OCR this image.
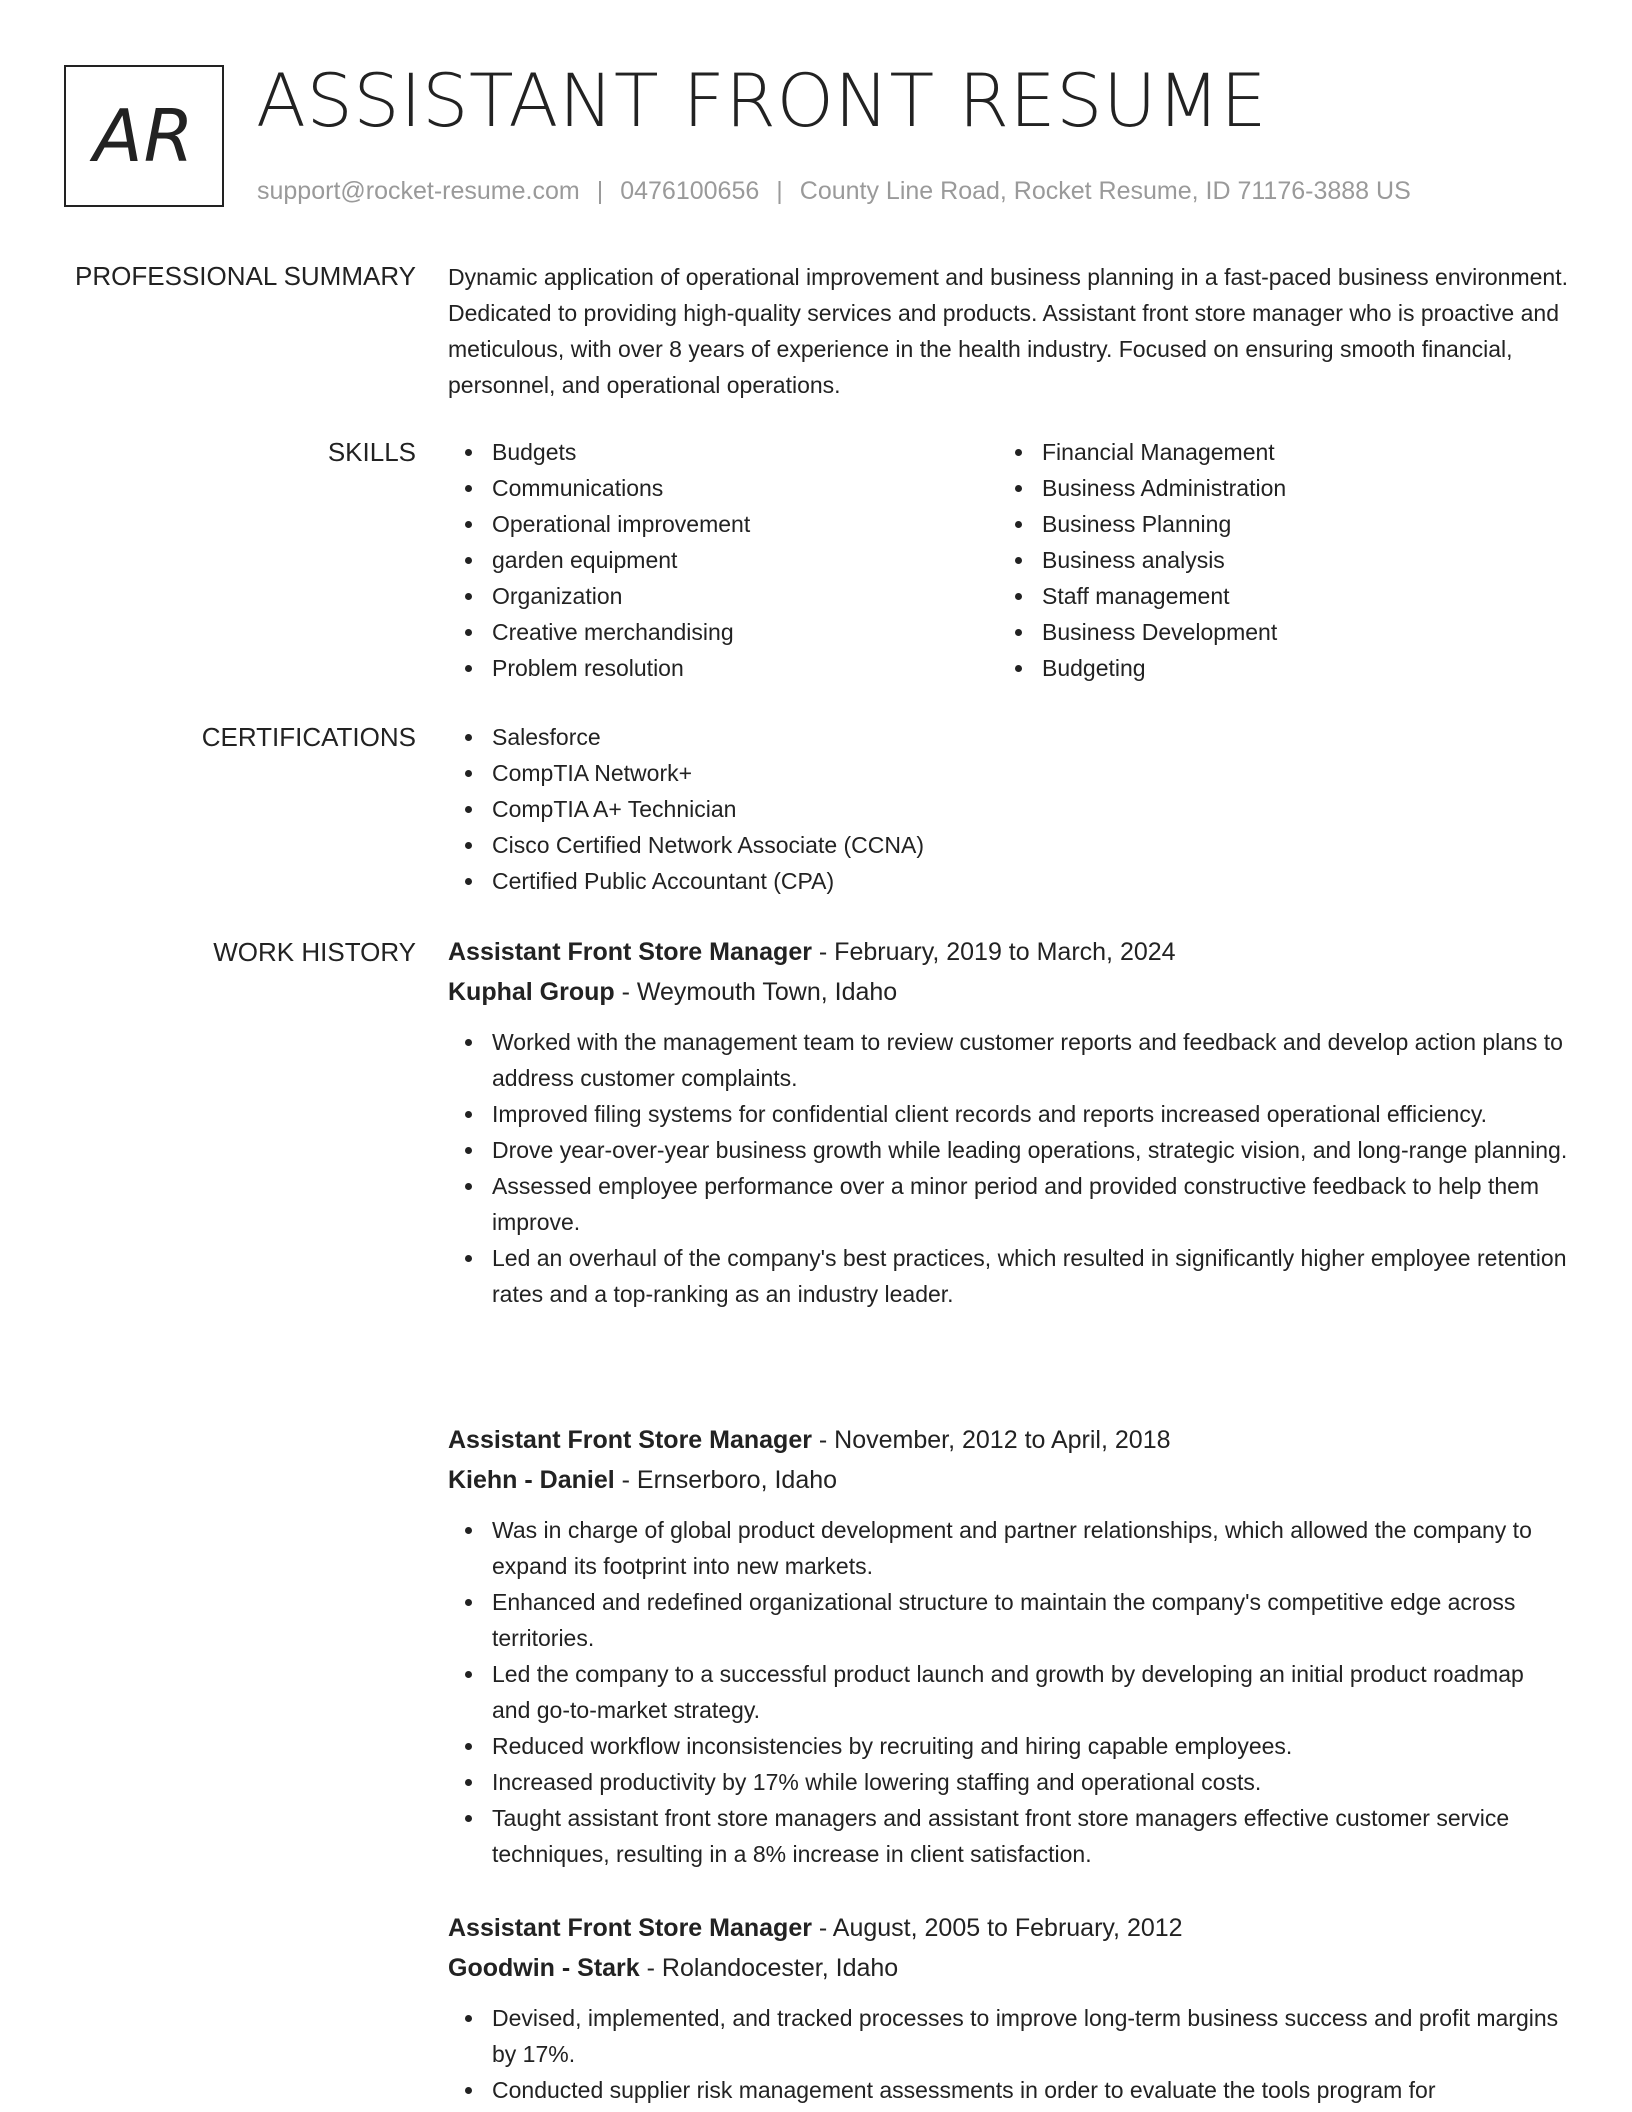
AR ASSISTANT FRONT RESUME
support@rocket-resume.com | 0476100656 | County Line Road, Rocket Resume, ID 71176-3888 US
PROFESSIONAL SUMMARY Dynamic application of operational improvement and business planning in a fast-paced business environment. Dedicated to providing high-quality services and products. Assistant front store manager who is proactive and meticulous, with over 8 years of experience in the health industry. Focused on ensuring smooth financial, personnel, and operational operations.
SKILLS	Budgets
Communications
Operational improvement
garden equipment
Organization
Creative merchandising
Problem resolution
Financial Management
Business Administration
Business Planning
Business analysis
Staff management
Business Development
Budgeting
CERTIFICATIONS	Salesforce
CompTIA Network+
CompTIA A+ Technician
Cisco Certified Network Associate (CCNA)
Certified Public Accountant (CPA)
WORK HISTORY Assistant Front Store Manager - February, 2019 to March, 2024
Kuphal Group - Weymouth Town, Idaho
Worked with the management team to review customer reports and feedback and develop action plans to address customer complaints.
Improved filing systems for confidential client records and reports increased operational efficiency.
Drove year-over-year business growth while leading operations, strategic vision, and long-range planning.
Assessed employee performance over a minor period and provided constructive feedback to help them improve.
Led an overhaul of the company's best practices, which resulted in significantly higher employee retention rates and a top-ranking as an industry leader.
Assistant Front Store Manager - November, 2012 to April, 2018
Kiehn - Daniel - Ernserboro, Idaho
Was in charge of global product development and partner relationships, which allowed the company to expand its footprint into new markets.
Enhanced and redefined organizational structure to maintain the company's competitive edge across territories.
Led the company to a successful product launch and growth by developing an initial product roadmap and go-to-market strategy.
Reduced workflow inconsistencies by recruiting and hiring capable employees.
Increased productivity by 17% while lowering staffing and operational costs.
Taught assistant front store managers and assistant front store managers effective customer service techniques, resulting in a 8% increase in client satisfaction.
Assistant Front Store Manager - August, 2005 to February, 2012
Goodwin - Stark - Rolandocester, Idaho
Devised, implemented, and tracked processes to improve long-term business success and profit margins by 17%.
Conducted supplier risk management assessments in order to evaluate the tools program for
